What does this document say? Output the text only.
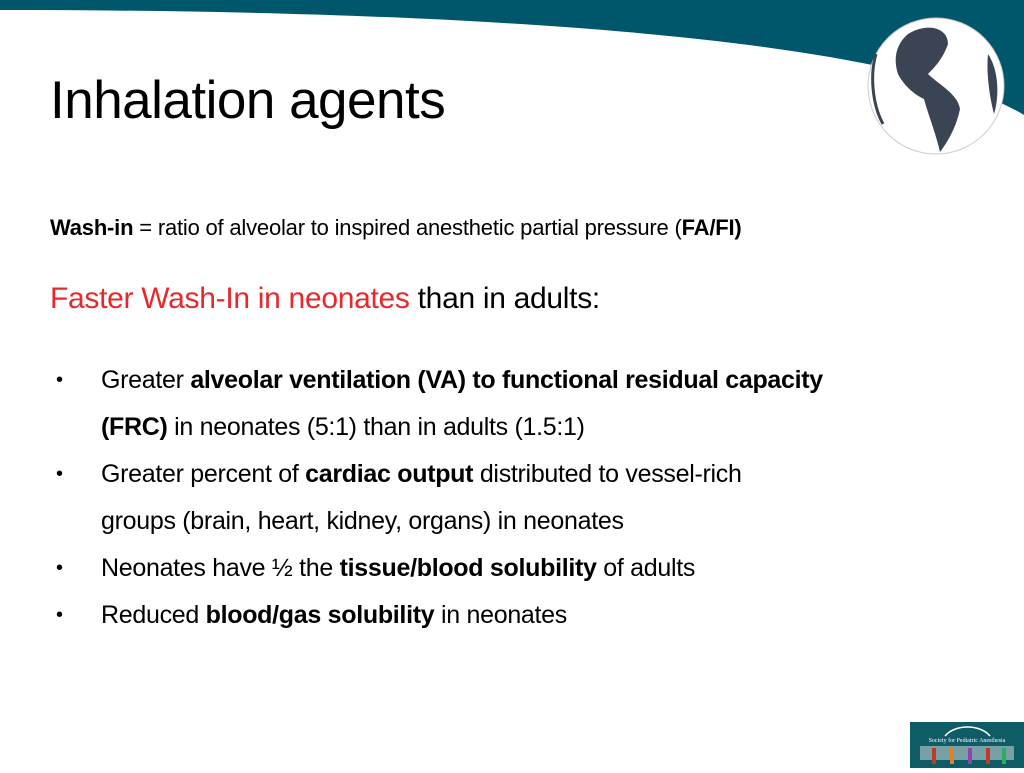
Inhalation agents
Wash-in = ratio of alveolar to inspired anesthetic partial pressure (FA/FI)
Faster Wash-In in neonates than in adults:
• Greater alveolar ventilation (VA) to functional residual capacity
(FRC) in neonates (5:1) than in adults (1.5:1)
• Greater percent of cardiac output distributed to vessel-rich
groups (brain, heart, kidney, organs) in neonates
• Neonates have ½ the tissue/blood solubility of adults
• Reduced blood/gas solubility in neonates
Society for Pediatric Anesthesia
